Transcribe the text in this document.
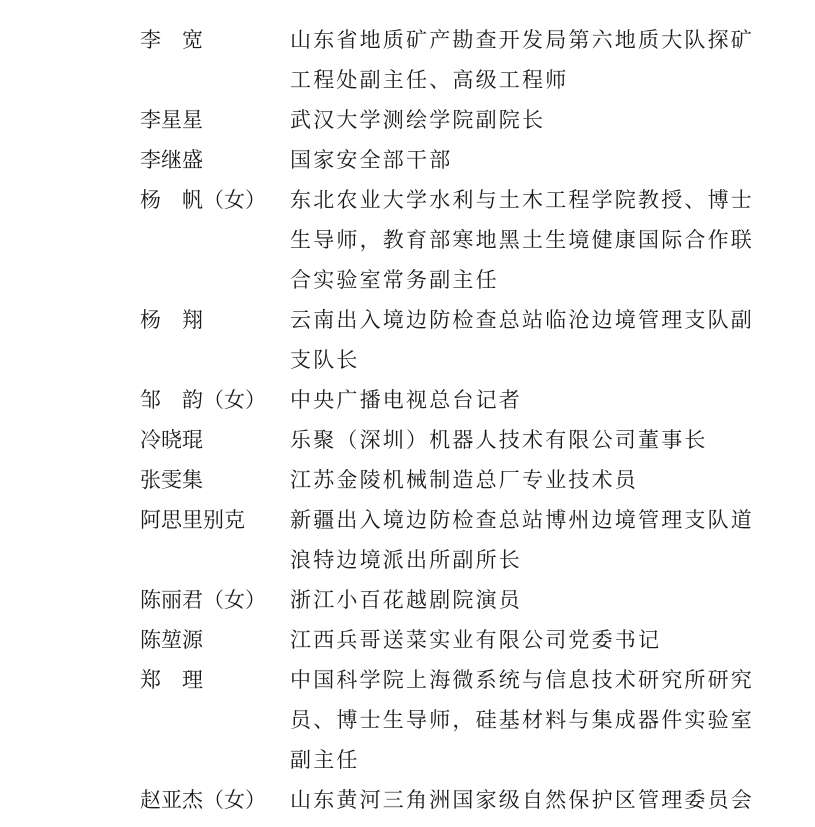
李　宽	山东省地质矿产勘查开发局第六地质大队探矿
工程处副主任、高级工程师
李星星	武汉大学测绘学院副院长
李继盛	国家安全部干部
杨　帆（女） 东北农业大学水利与土木工程学院教授、博士
生导师，教育部寒地黑土生境健康国际合作联
合实验室常务副主任
杨　翔	云南出入境边防检查总站临沧边境管理支队副
支队长
邹　韵（女） 中央广播电视总台记者
冷晓琨	乐聚（深圳）机器人技术有限公司董事长
张雯集	江苏金陵机械制造总厂专业技术员
阿思里别克 新疆出入境边防检查总站博州边境管理支队道
浪特边境派出所副所长
陈丽君（女） 浙江小百花越剧院演员
陈堃源	江西兵哥送菜实业有限公司党委书记
郑　理	中国科学院上海微系统与信息技术研究所研究
员、博士生导师，硅基材料与集成器件实验室
副主任
赵亚杰（女） 山东黄河三角洲国家级自然保护区管理委员会
